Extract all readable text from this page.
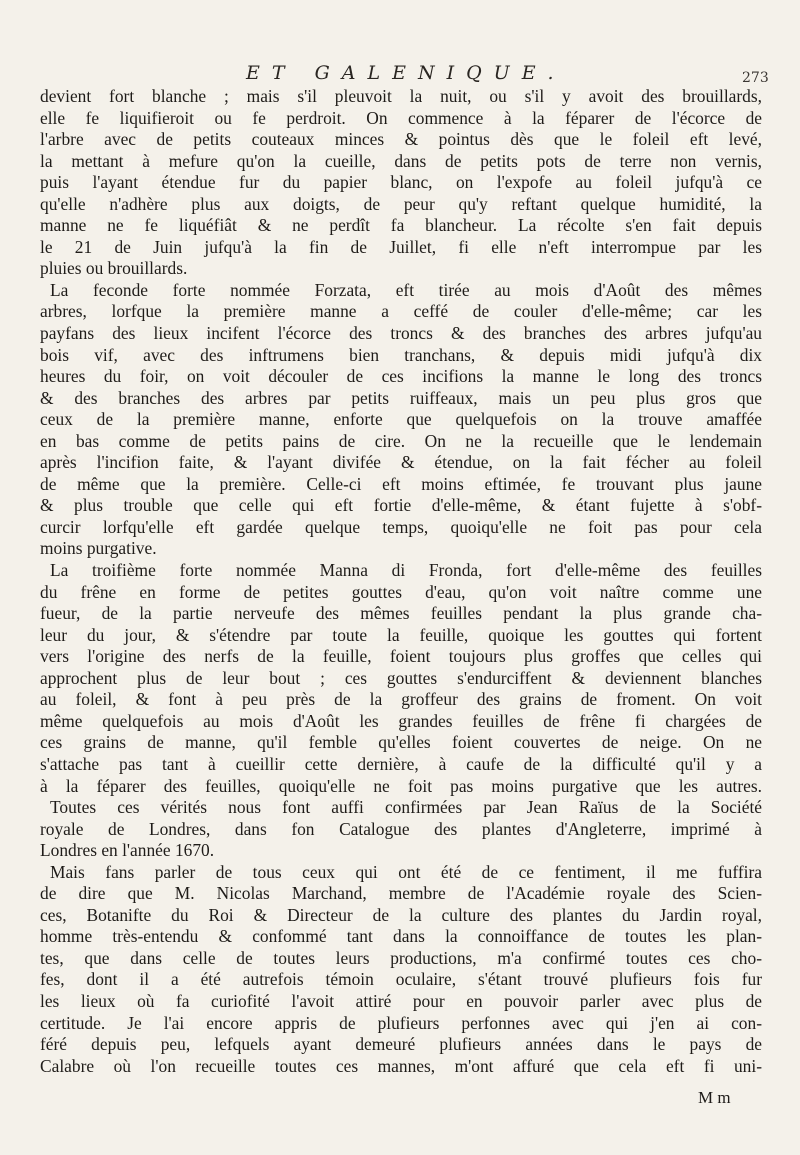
ET GALENIQUE.	273
devient fort blanche ; mais s'il pleuvoit la nuit, ou s'il y avoit des brouillards,
elle fe liquifieroit ou fe perdroit. On commence à la féparer de l'écorce de
l'arbre avec de petits couteaux minces & pointus dès que le foleil eft levé,
la mettant à mefure qu'on la cueille, dans de petits pots de terre non vernis,
puis l'ayant étendue fur du papier blanc, on l'expofe au foleil jufqu'à ce
qu'elle n'adhère plus aux doigts, de peur qu'y reftant quelque humidité, la
manne ne fe liquéfiât & ne perdît fa blancheur. La récolte s'en fait depuis
le 21 de Juin jufqu'à la fin de Juillet, fi elle n'eft interrompue par les
pluies ou brouillards.
La feconde forte nommée Forzata, eft tirée au mois d'Août des mêmes
arbres, lorfque la première manne a ceffé de couler d'elle-même; car les
payfans des lieux incifent l'écorce des troncs & des branches des arbres jufqu'au
bois vif, avec des inftrumens bien tranchans, & depuis midi jufqu'à dix
heures du foir, on voit découler de ces incifions la manne le long des troncs
& des branches des arbres par petits ruiffeaux, mais un peu plus gros que
ceux de la première manne, enforte que quelquefois on la trouve amaffée
en bas comme de petits pains de cire. On ne la recueille que le lendemain
après l'incifion faite, & l'ayant divifée & étendue, on la fait fécher au foleil
de même que la première. Celle-ci eft moins eftimée, fe trouvant plus jaune
& plus trouble que celle qui eft fortie d'elle-même, & étant fujette à s'obf-
curcir lorfqu'elle eft gardée quelque temps, quoiqu'elle ne foit pas pour cela
moins purgative.
La troifième forte nommée Manna di Fronda, fort d'elle-même des feuilles
du frêne en forme de petites gouttes d'eau, qu'on voit naître comme une
fueur, de la partie nerveufe des mêmes feuilles pendant la plus grande cha-
leur du jour, & s'étendre par toute la feuille, quoique les gouttes qui fortent
vers l'origine des nerfs de la feuille, foient toujours plus groffes que celles qui
approchent plus de leur bout ; ces gouttes s'endurciffent & deviennent blanches
au foleil, & font à peu près de la groffeur des grains de froment. On voit
même quelquefois au mois d'Août les grandes feuilles de frêne fi chargées de
ces grains de manne, qu'il femble qu'elles foient couvertes de neige. On ne
s'attache pas tant à cueillir cette dernière, à caufe de la difficulté qu'il y a
à la féparer des feuilles, quoiqu'elle ne foit pas moins purgative que les autres.
Toutes ces vérités nous font auffi confirmées par Jean Raïus de la Société
royale de Londres, dans fon Catalogue des plantes d'Angleterre, imprimé à
Londres en l'année 1670.
Mais fans parler de tous ceux qui ont été de ce fentiment, il me fuffira
de dire que M. Nicolas Marchand, membre de l'Académie royale des Scien-
ces, Botanifte du Roi & Directeur de la culture des plantes du Jardin royal,
homme très-entendu & confommé tant dans la connoiffance de toutes les plan-
tes, que dans celle de toutes leurs productions, m'a confirmé toutes ces cho-
fes, dont il a été autrefois témoin oculaire, s'étant trouvé plufieurs fois fur
les lieux où fa curiofité l'avoit attiré pour en pouvoir parler avec plus de
certitude. Je l'ai encore appris de plufieurs perfonnes avec qui j'en ai con-
féré depuis peu, lefquels ayant demeuré plufieurs années dans le pays de
Calabre où l'on recueille toutes ces mannes, m'ont affuré que cela eft fi uni-
M m
